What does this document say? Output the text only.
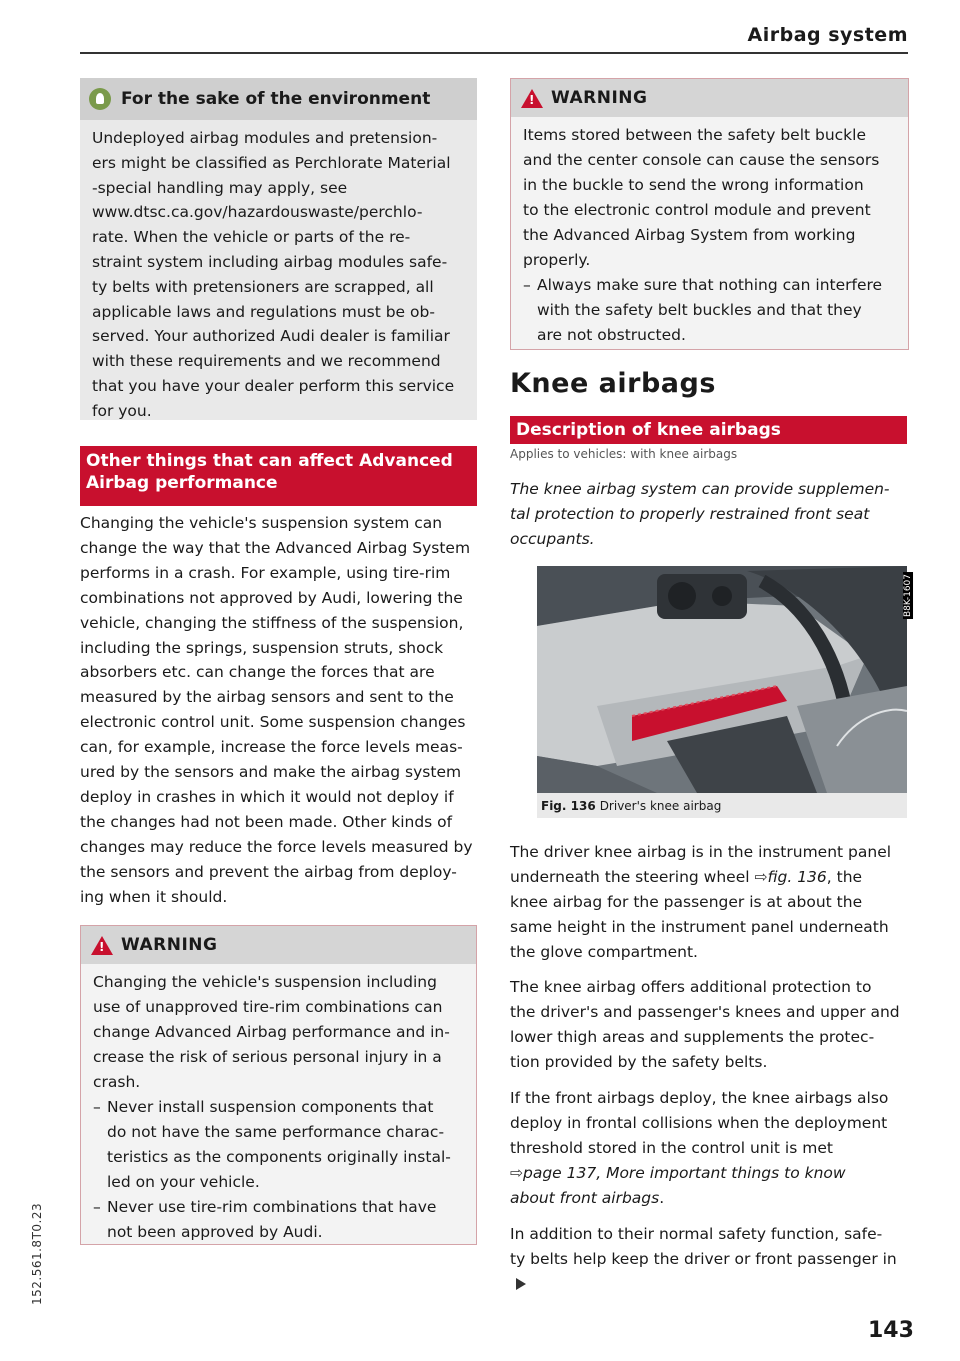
Airbag system
152.561.8T0.23
For the sake of the environment
Undeployed airbag modules and pretension-
ers might be classified as Perchlorate Material
-special handling may apply, see
www.dtsc.ca.gov/hazardouswaste/perchlo-
rate. When the vehicle or parts of the re-
straint system including airbag modules safe-
ty belts with pretensioners are scrapped, all
applicable laws and regulations must be ob-
served. Your authorized Audi dealer is familiar
with these requirements and we recommend
that you have your dealer perform this service
for you.
Other things that can affect Advanced
Airbag performance
Changing the vehicle's suspension system can
change the way that the Advanced Airbag System
performs in a crash. For example, using tire-rim
combinations not approved by Audi, lowering the
vehicle, changing the stiffness of the suspension,
including the springs, suspension struts, shock
absorbers etc. can change the forces that are
measured by the airbag sensors and sent to the
electronic control unit. Some suspension changes
can, for example, increase the force levels meas-
ured by the sensors and make the airbag system
deploy in crashes in which it would not deploy if
the changes had not been made. Other kinds of
changes may reduce the force levels measured by
the sensors and prevent the airbag from deploy-
ing when it should.
!
WARNING
Changing the vehicle's suspension including
use of unapproved tire-rim combinations can
change Advanced Airbag performance and in-
crease the risk of serious personal injury in a
crash.
– Never install suspension components that
do not have the same performance charac-
teristics as the components originally instal-
led on your vehicle.
– Never use tire-rim combinations that have
not been approved by Audi.
!
WARNING
Items stored between the safety belt buckle
and the center console can cause the sensors
in the buckle to send the wrong information
to the electronic control module and prevent
the Advanced Airbag System from working
properly.
– Always make sure that nothing can interfere
with the safety belt buckles and that they
are not obstructed.
Knee airbags
Description of knee airbags
Applies to vehicles: with knee airbags
The knee airbag system can provide supplemen-
tal protection to properly restrained front seat
occupants.
B8K-1607
Fig. 136 Driver's knee airbag
The driver knee airbag is in the instrument panel
underneath the steering wheel ⇨fig. 136, the
knee airbag for the passenger is at about the
same height in the instrument panel underneath
the glove compartment.
The knee airbag offers additional protection to
the driver's and passenger's knees and upper and
lower thigh areas and supplements the protec-
tion provided by the safety belts.
If the front airbags deploy, the knee airbags also
deploy in frontal collisions when the deployment
threshold stored in the control unit is met
⇨page 137, More important things to know
about front airbags.
In addition to their normal safety function, safe-
ty belts help keep the driver or front passenger in
143
